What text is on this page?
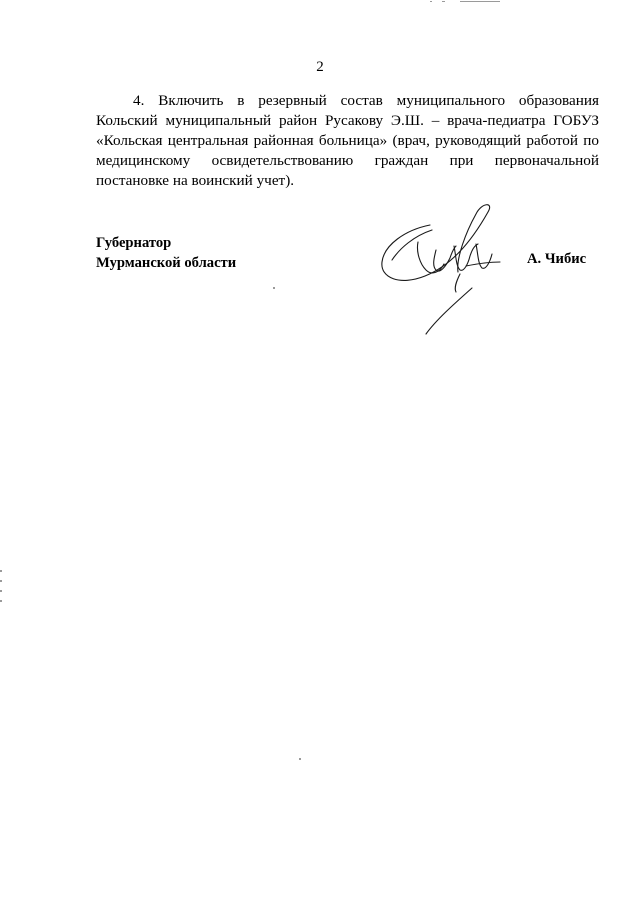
2
4. Включить в резервный состав муниципального образования
Кольский муниципальный район Русакову Э.Ш. – врача-педиатра ГОБУЗ
«Кольская центральная районная больница» (врач, руководящий работой по
медицинскому освидетельствованию граждан при первоначальной
постановке на воинский учет).
Губернатор
Мурманской области	А. Чибис
